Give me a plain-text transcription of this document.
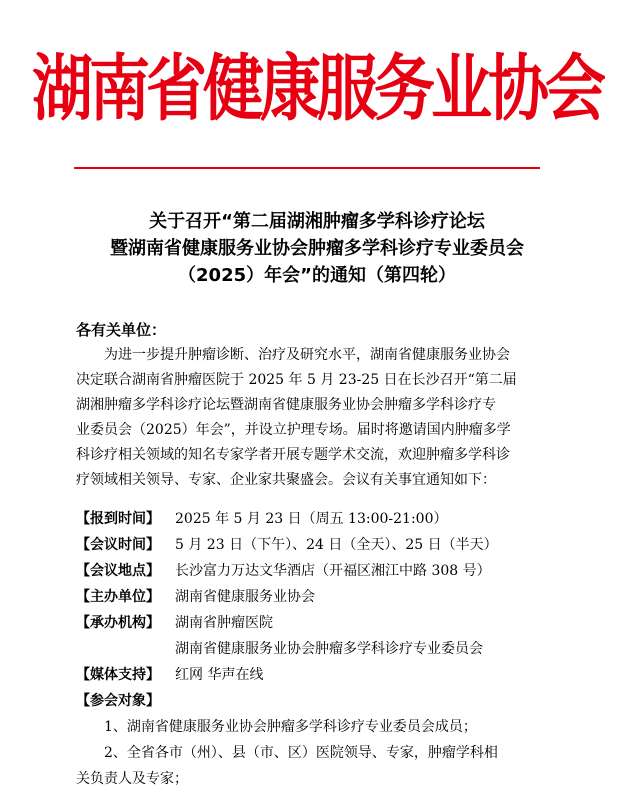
湖南省健康服务业协会
关于召开“第二届湖湘肿瘤多学科诊疗论坛
暨湖南省健康服务业协会肿瘤多学科诊疗专业委员会
（2025）年会”的通知（第四轮）
各有关单位：
为进一步提升肿瘤诊断、治疗及研究水平，湖南省健康服务业协会
决定联合湖南省肿瘤医院于 2025 年 5 月 23-25 日在长沙召开“第二届
湖湘肿瘤多学科诊疗论坛暨湖南省健康服务业协会肿瘤多学科诊疗专
业委员会（2025）年会”，并设立护理专场。届时将邀请国内肿瘤多学
科诊疗相关领域的知名专家学者开展专题学术交流，欢迎肿瘤多学科诊
疗领域相关领导、专家、企业家共聚盛会。会议有关事宜通知如下：
【报到时间】	2025 年 5 月 23 日（周五 13:00-21:00）
【会议时间】	5 月 23 日（下午）、24 日（全天）、25 日（半天）
【会议地点】	长沙富力万达文华酒店（开福区湘江中路 308 号）
【主办单位】	湖南省健康服务业协会
【承办机构】	湖南省肿瘤医院
湖南省健康服务业协会肿瘤多学科诊疗专业委员会
【媒体支持】	红网 华声在线
【参会对象】
1、湖南省健康服务业协会肿瘤多学科诊疗专业委员会成员；
2、全省各市（州）、县（市、区）医院领导、专家，肿瘤学科相
关负责人及专家；
